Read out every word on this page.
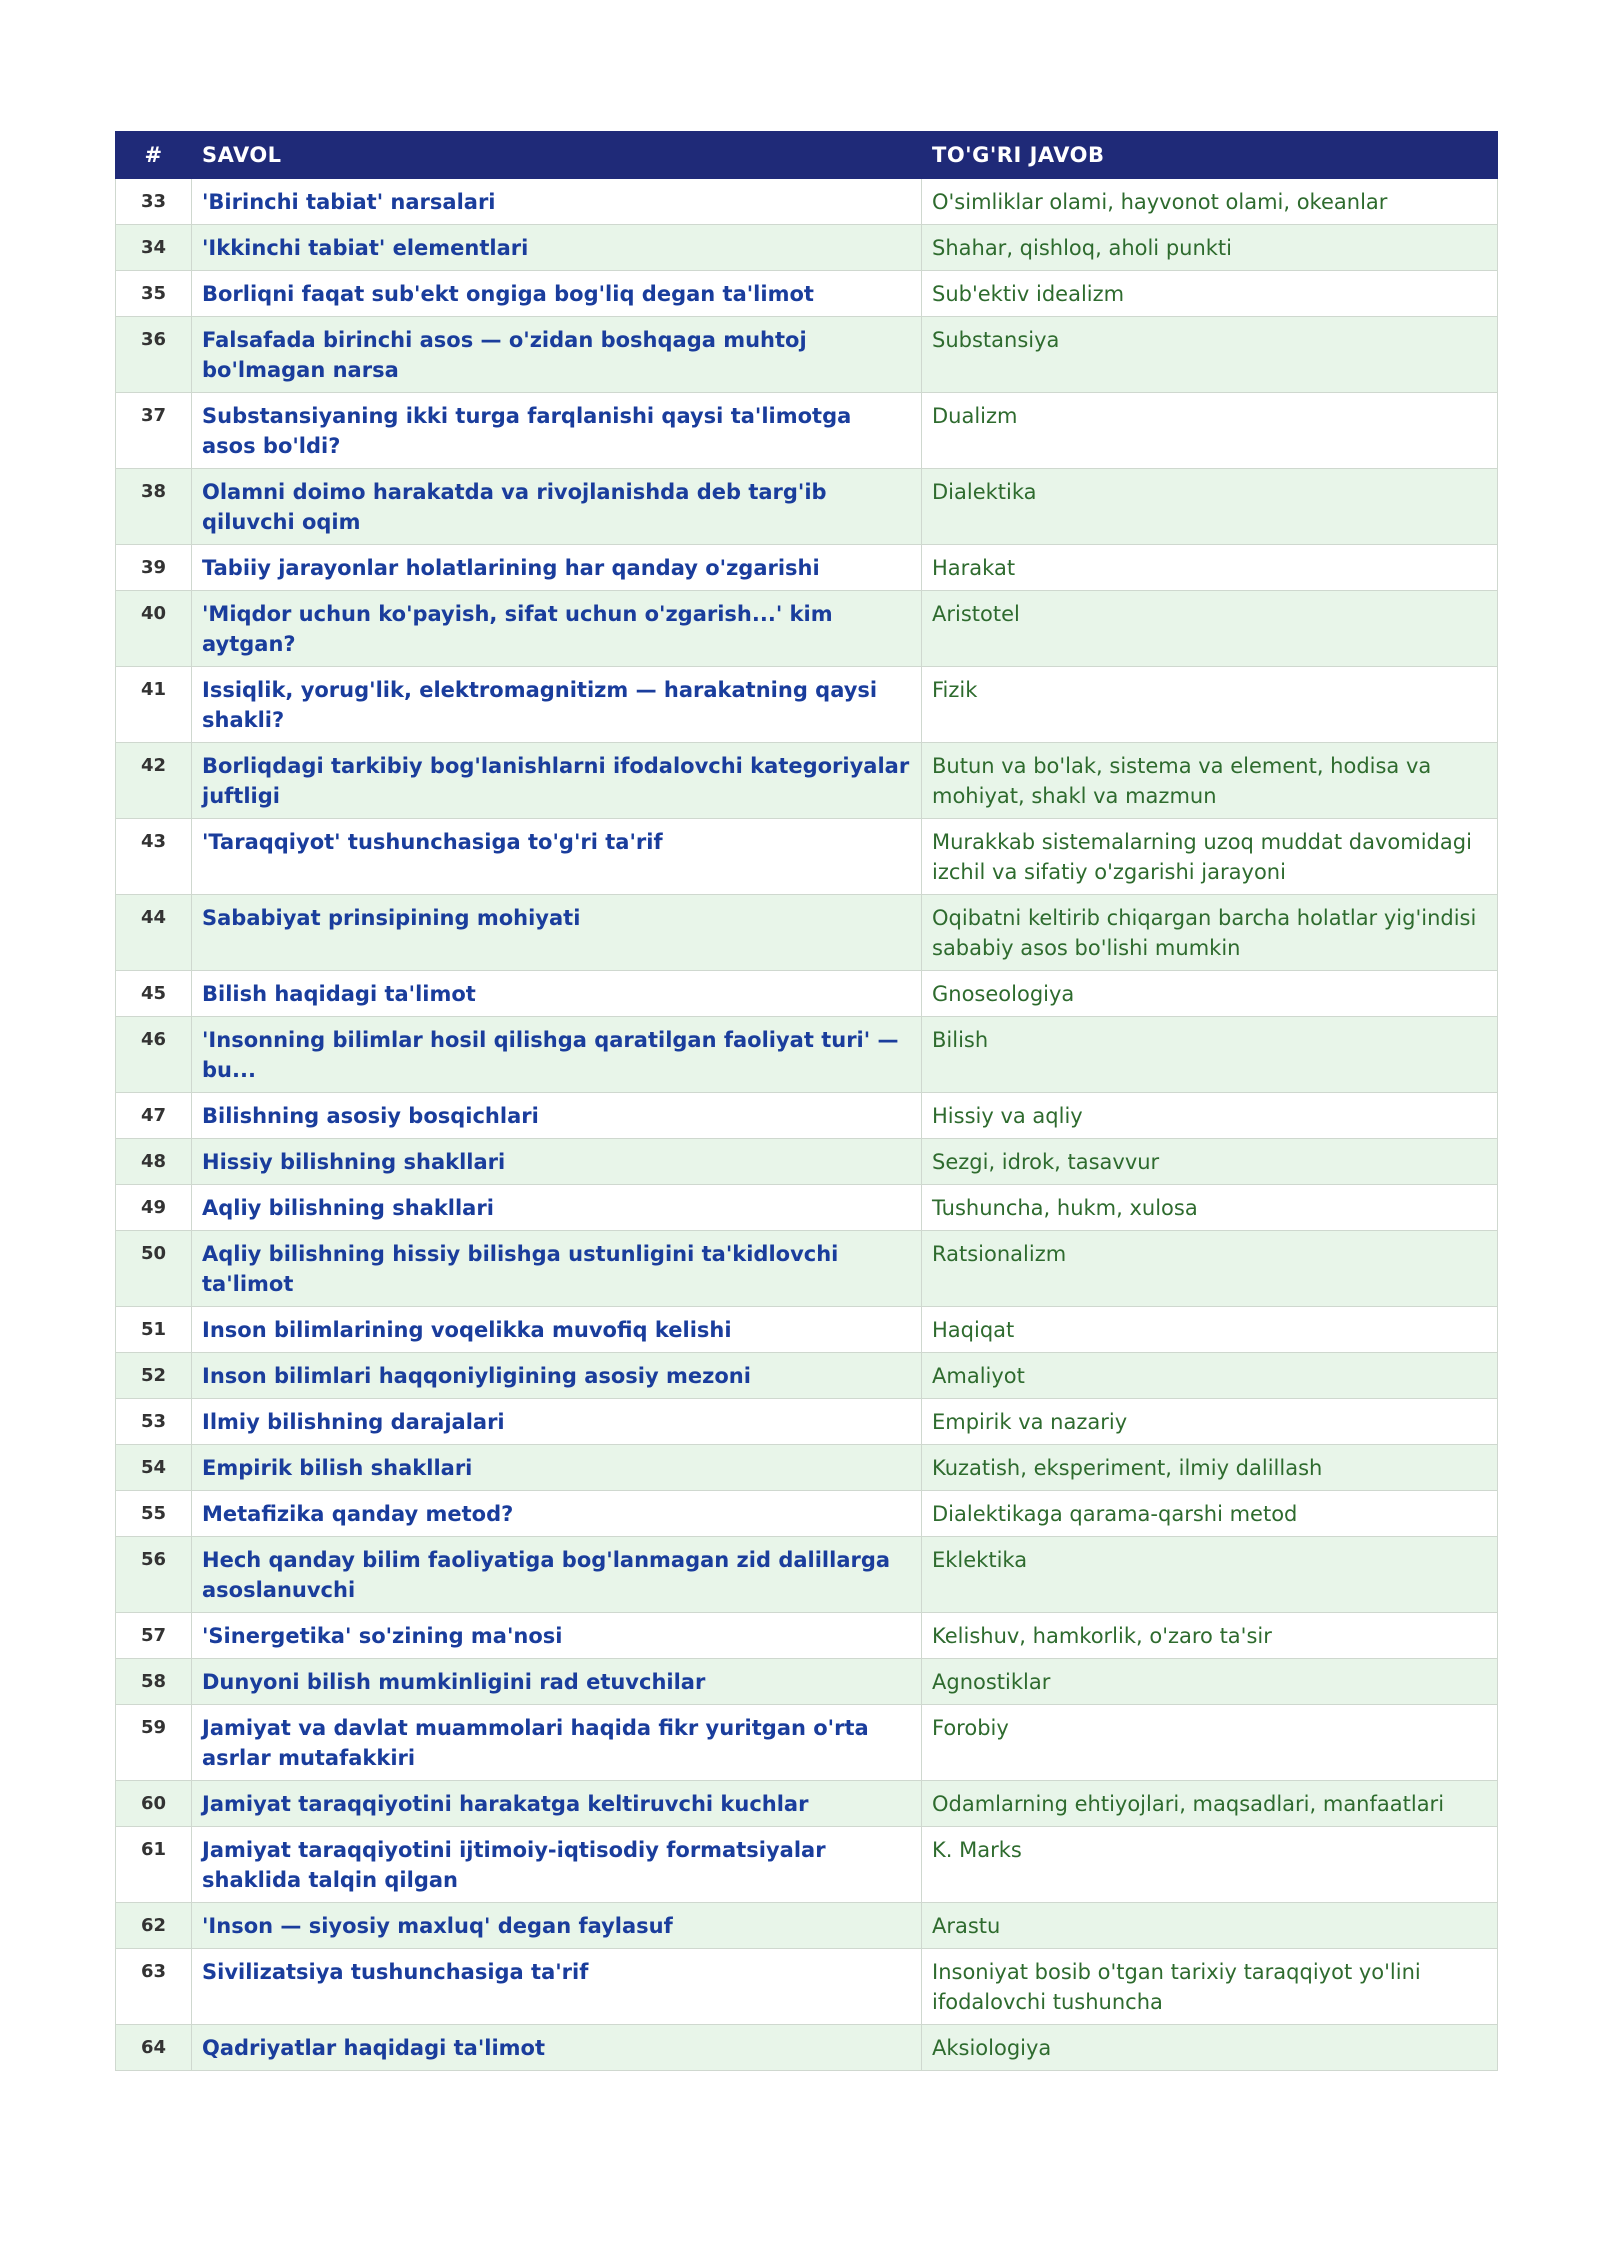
#	SAVOL	TO'G'RI JAVOB
33	'Birinchi tabiat' narsalari	O'simliklar olami, hayvonot olami, okeanlar
34	'Ikkinchi tabiat' elementlari	Shahar, qishloq, aholi punkti
35	Borliqni faqat sub'ekt ongiga bog'liq degan ta'limot	Sub'ektiv idealizm
36	Falsafada birinchi asos — o'zidan boshqaga muhtoj bo'lmagan narsa	Substansiya
37	Substansiyaning ikki turga farqlanishi qaysi ta'limotga asos bo'ldi?	Dualizm
38	Olamni doimo harakatda va rivojlanishda deb targ'ib qiluvchi oqim	Dialektika
39	Tabiiy jarayonlar holatlarining har qanday o'zgarishi	Harakat
40	'Miqdor uchun ko'payish, sifat uchun o'zgarish...' kim aytgan?	Aristotel
41	Issiqlik, yorug'lik, elektromagnitizm — harakatning qaysi shakli?	Fizik
42	Borliqdagi tarkibiy bog'lanishlarni ifodalovchi kategoriyalar juftligi	Butun va bo'lak, sistema va element, hodisa va mohiyat, shakl va mazmun
43	'Taraqqiyot' tushunchasiga to'g'ri ta'rif	Murakkab sistemalarning uzoq muddat davomidagi izchil va sifatiy o'zgarishi jarayoni
44	Sababiyat prinsipining mohiyati	Oqibatni keltirib chiqargan barcha holatlar yig'indisi sababiy asos bo'lishi mumkin
45	Bilish haqidagi ta'limot	Gnoseologiya
46	'Insonning bilimlar hosil qilishga qaratilgan faoliyat turi' — bu...	Bilish
47	Bilishning asosiy bosqichlari	Hissiy va aqliy
48	Hissiy bilishning shakllari	Sezgi, idrok, tasavvur
49	Aqliy bilishning shakllari	Tushuncha, hukm, xulosa
50	Aqliy bilishning hissiy bilishga ustunligini ta'kidlovchi ta'limot	Ratsionalizm
51	Inson bilimlarining voqelikka muvofiq kelishi	Haqiqat
52	Inson bilimlari haqqoniyligining asosiy mezoni	Amaliyot
53	Ilmiy bilishning darajalari	Empirik va nazariy
54	Empirik bilish shakllari	Kuzatish, eksperiment, ilmiy dalillash
55	Metafizika qanday metod?	Dialektikaga qarama-qarshi metod
56	Hech qanday bilim faoliyatiga bog'lanmagan zid dalillarga asoslanuvchi	Eklektika
57	'Sinergetika' so'zining ma'nosi	Kelishuv, hamkorlik, o'zaro ta'sir
58	Dunyoni bilish mumkinligini rad etuvchilar	Agnostiklar
59	Jamiyat va davlat muammolari haqida fikr yuritgan o'rta asrlar mutafakkiri	Forobiy
60	Jamiyat taraqqiyotini harakatga keltiruvchi kuchlar	Odamlarning ehtiyojlari, maqsadlari, manfaatlari
61	Jamiyat taraqqiyotini ijtimoiy-iqtisodiy formatsiyalar shaklida talqin qilgan	K. Marks
62	'Inson — siyosiy maxluq' degan faylasuf	Arastu
63	Sivilizatsiya tushunchasiga ta'rif	Insoniyat bosib o'tgan tarixiy taraqqiyot yo'lini ifodalovchi tushuncha
64	Qadriyatlar haqidagi ta'limot	Aksiologiya
